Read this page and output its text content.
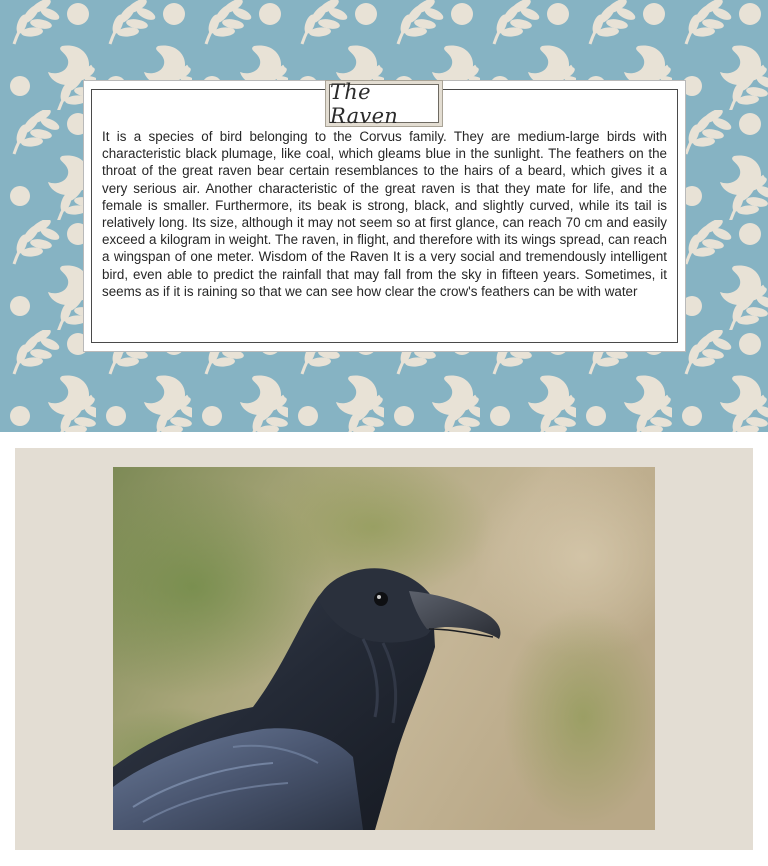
The Raven

It is a species of bird belonging to the Corvus family. They are medium-large birds with characteristic black plumage, like coal, which gleams blue in the sunlight. The feathers on the throat of the great raven bear certain resemblances to the hairs of a beard, which gives it a very serious air. Another characteristic of the great raven is that they mate for life, and the female is smaller. Furthermore, its beak is strong, black, and slightly curved, while its tail is relatively long. Its size, although it may not seem so at first glance, can reach 70 cm and easily exceed a kilogram in weight. The raven, in flight, and therefore with its wings spread, can reach a wingspan of one meter. Wisdom of the Raven It is a very social and tremendously intelligent bird, even able to predict the rainfall that may fall from the sky in fifteen years. Sometimes, it seems as if it is raining so that we can see how clear the crow's feathers can be with water
